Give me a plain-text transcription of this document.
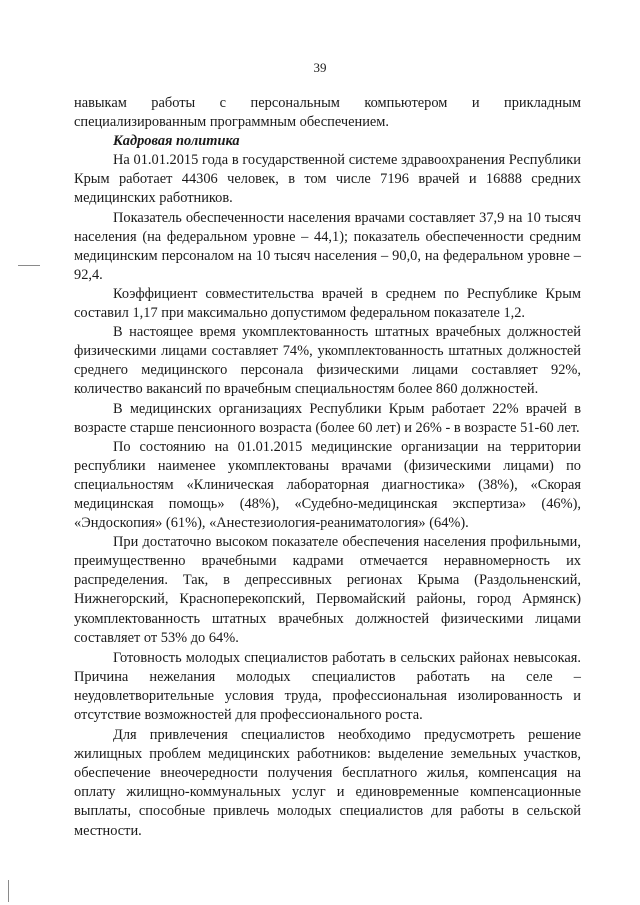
39

навыкам работы с персональным компьютером и прикладным специализированным программным обеспечением.

Кадровая политика

На 01.01.2015 года в государственной системе здравоохранения Республики Крым работает 44306 человек, в том числе 7196 врачей и 16888 средних медицинских работников.

Показатель обеспеченности населения врачами составляет 37,9 на 10 тысяч населения (на федеральном уровне – 44,1); показатель обеспеченности средним медицинским персоналом на 10 тысяч населения – 90,0, на федеральном уровне – 92,4.

Коэффициент совместительства врачей в среднем по Республике Крым составил 1,17 при максимально допустимом федеральном показателе 1,2.

В настоящее время укомплектованность штатных врачебных должностей физическими лицами составляет 74%, укомплектованность штатных должностей среднего медицинского персонала физическими лицами составляет 92%, количество вакансий по врачебным специальностям более 860 должностей.

В медицинских организациях Республики Крым работает 22% врачей в возрасте старше пенсионного возраста (более 60 лет) и 26% - в возрасте 51-60 лет.

По состоянию на 01.01.2015 медицинские организации на территории республики наименее укомплектованы врачами (физическими лицами) по специальностям «Клиническая лабораторная диагностика» (38%), «Скорая медицинская помощь» (48%), «Судебно-медицинская экспертиза» (46%), «Эндоскопия» (61%), «Анестезиология-реаниматология» (64%).

При достаточно высоком показателе обеспечения населения профильными, преимущественно врачебными кадрами отмечается неравномерность их распределения. Так, в депрессивных регионах Крыма (Раздольненский, Нижнегорский, Красноперекопский, Первомайский районы, город Армянск) укомплектованность штатных врачебных должностей физическими лицами составляет от 53% до 64%.

Готовность молодых специалистов работать в сельских районах невысокая. Причина нежелания молодых специалистов работать на селе – неудовлетворительные условия труда, профессиональная изолированность и отсутствие возможностей для профессионального роста.

Для привлечения специалистов необходимо предусмотреть решение жилищных проблем медицинских работников: выделение земельных участков, обеспечение внеочередности получения бесплатного жилья, компенсация на оплату жилищно-коммунальных услуг и единовременные компенсационные выплаты, способные привлечь молодых специалистов для работы в сельской местности.
